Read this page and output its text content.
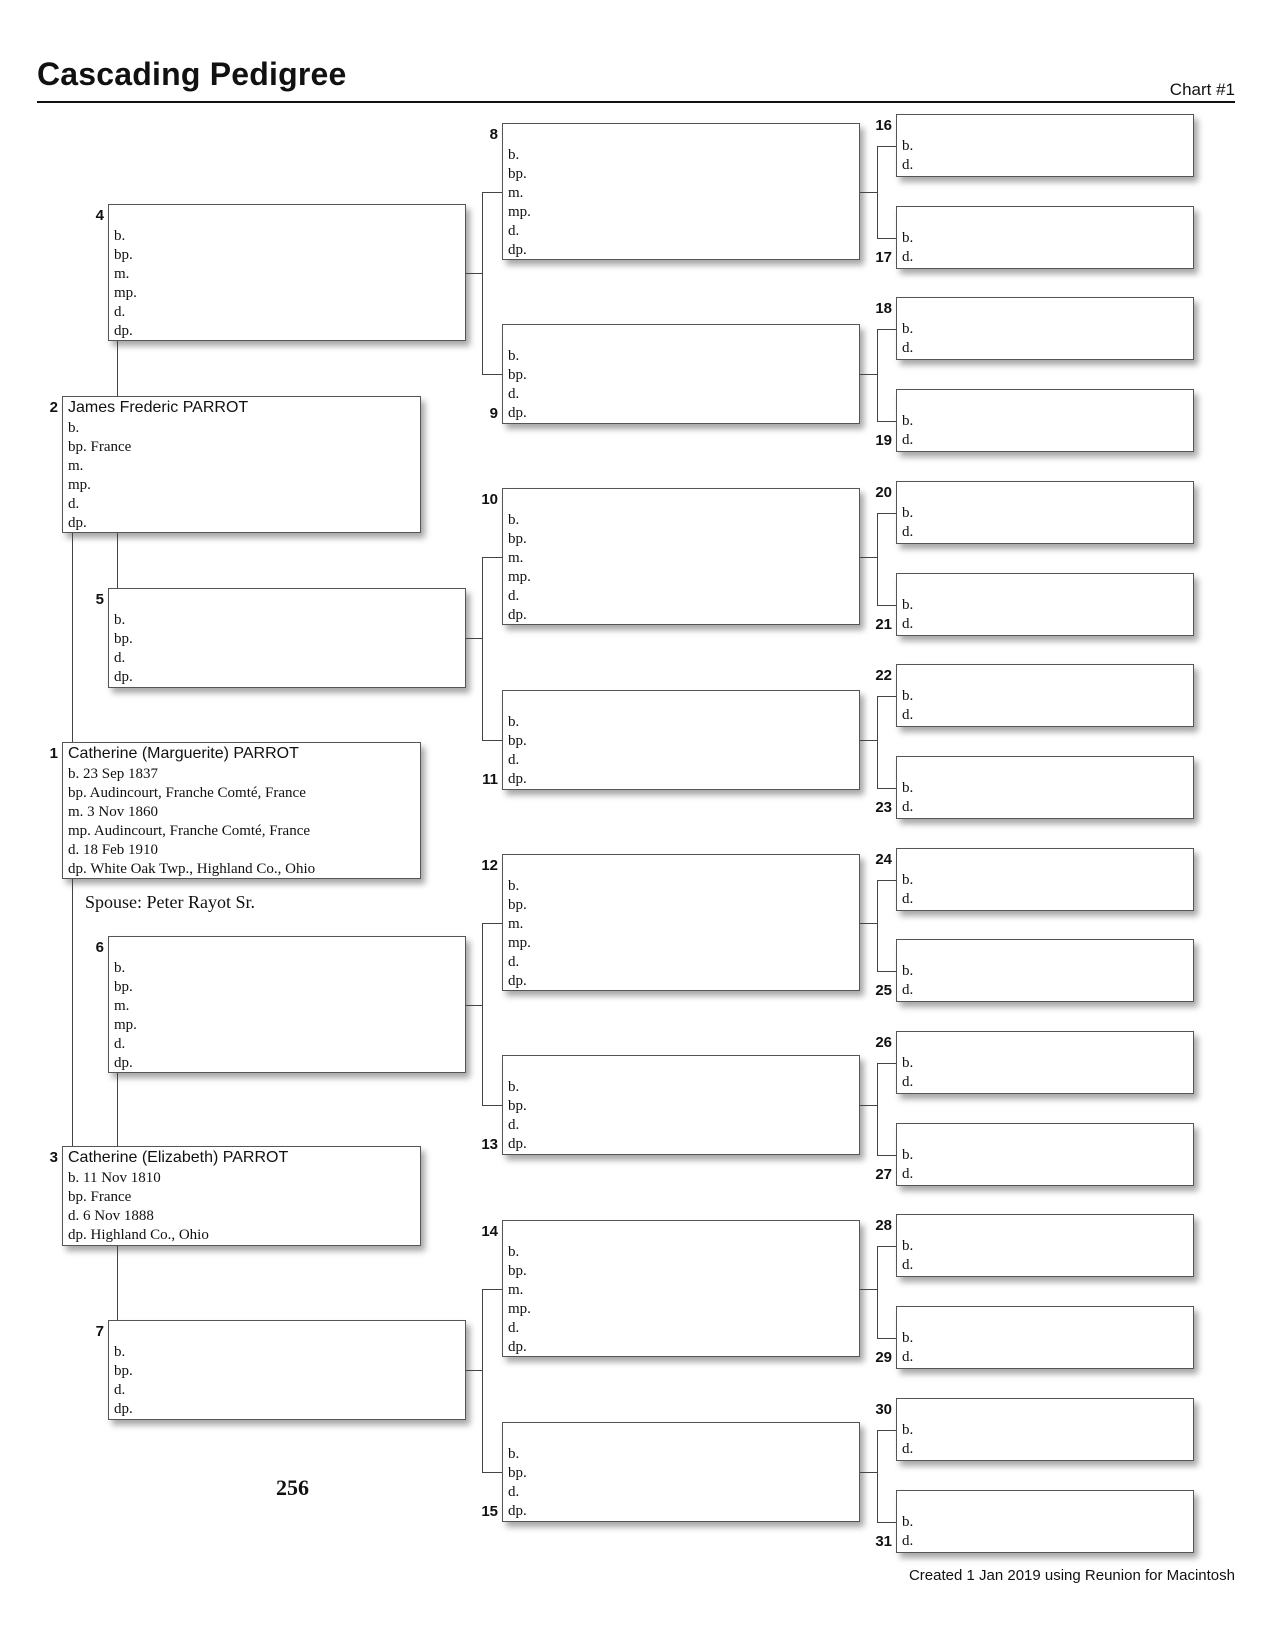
Cascading Pedigree	Chart #1
Spouse: Peter Rayot Sr.
256
Created 1 Jan 2019 using Reunion for Macintosh
Catherine (Marguerite) PARROT
b. 23 Sep 1837
bp. Audincourt, Franche Comté, France
m. 3 Nov 1860
mp. Audincourt, Franche Comté, France
d. 18 Feb 1910
dp. White Oak Twp., Highland Co., Ohio
1
James Frederic PARROT
b.
bp. France
m.
mp.
d.
dp.
2
Catherine (Elizabeth) PARROT
b. 11 Nov 1810
bp. France
d. 6 Nov 1888
dp. Highland Co., Ohio
3
b.
bp.
m.
mp.
d.
dp.
4
b.
bp.
d.
dp.
5
b.
bp.
m.
mp.
d.
dp.
6
b.
bp.
d.
dp.
7
b.
bp.
m.
mp.
d.
dp.
8
b.
bp.
d.
dp.
9
b.
bp.
m.
mp.
d.
dp.
10
b.
bp.
d.
dp.
11
b.
bp.
m.
mp.
d.
dp.
12
b.
bp.
d.
dp.
13
b.
bp.
m.
mp.
d.
dp.
14
b.
bp.
d.
dp.
15
b.
d.
16
b.
d.
17
b.
d.
18
b.
d.
19
b.
d.
20
b.
d.
21
b.
d.
22
b.
d.
23
b.
d.
24
b.
d.
25
b.
d.
26
b.
d.
27
b.
d.
28
b.
d.
29
b.
d.
30
b.
d.
31
